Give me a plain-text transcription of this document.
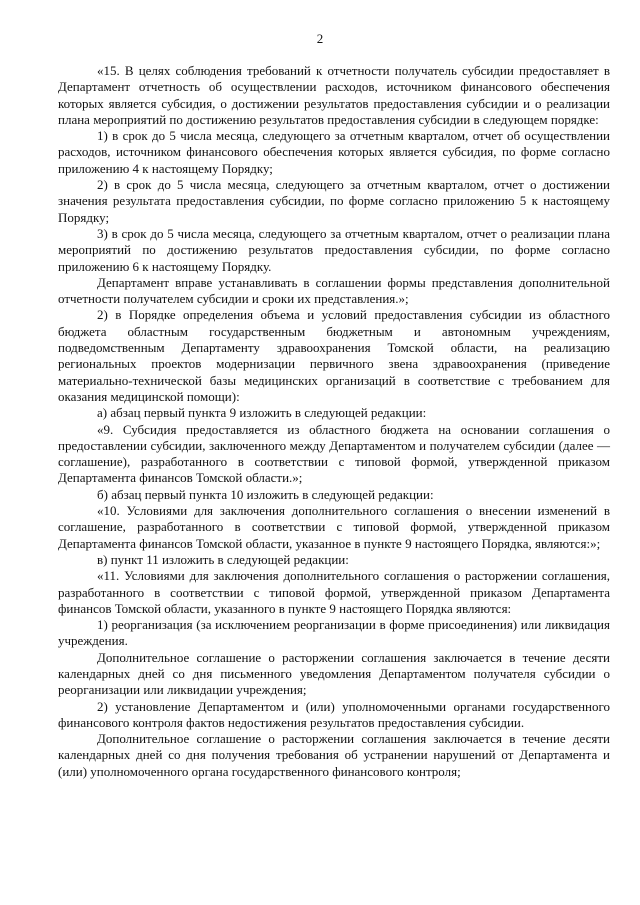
2

«15. В целях соблюдения требований к отчетности получатель субсидии предоставляет в Департамент отчетность об осуществлении расходов, источником финансового обеспечения которых является субсидия, о достижении результатов предоставления субсидии и о реализации плана мероприятий по достижению результатов предоставления субсидии в следующем порядке:

1) в срок до 5 числа месяца, следующего за отчетным кварталом, отчет об осуществлении расходов, источником финансового обеспечения которых является субсидия, по форме согласно приложению 4 к настоящему Порядку;

2) в срок до 5 числа месяца, следующего за отчетным кварталом, отчет о достижении значения результата предоставления субсидии, по форме согласно приложению 5 к настоящему Порядку;

3) в срок до 5 числа месяца, следующего за отчетным кварталом, отчет о реализации плана мероприятий по достижению результатов предоставления субсидии, по форме согласно приложению 6 к настоящему Порядку.

Департамент вправе устанавливать в соглашении формы представления дополнительной отчетности получателем субсидии и сроки их представления.»;

2) в Порядке определения объема и условий предоставления субсидии из областного бюджета областным государственным бюджетным и автономным учреждениям, подведомственным Департаменту здравоохранения Томской области, на реализацию региональных проектов модернизации первичного звена здравоохранения (приведение материально-технической базы медицинских организаций в соответствие с требованием для оказания медицинской помощи):

а) абзац первый пункта 9 изложить в следующей редакции:

«9. Субсидия предоставляется из областного бюджета на основании соглашения о предоставлении субсидии, заключенного между Департаментом и получателем субсидии (далее — соглашение), разработанного в соответствии с типовой формой, утвержденной приказом Департамента финансов Томской области.»;

б) абзац первый пункта 10 изложить в следующей редакции:

«10. Условиями для заключения дополнительного соглашения о внесении изменений в соглашение, разработанного в соответствии с типовой формой, утвержденной приказом Департамента финансов Томской области, указанное в пункте 9 настоящего Порядка, являются:»;

в) пункт 11 изложить в следующей редакции:

«11. Условиями для заключения дополнительного соглашения о расторжении соглашения, разработанного в соответствии с типовой формой, утвержденной приказом Департамента финансов Томской области, указанного в пункте 9 настоящего Порядка являются:

1) реорганизация (за исключением реорганизации в форме присоединения) или ликвидация учреждения.

Дополнительное соглашение о расторжении соглашения заключается в течение десяти календарных дней со дня письменного уведомления Департаментом получателя субсидии о реорганизации или ликвидации учреждения;

2) установление Департаментом и (или) уполномоченными органами государственного финансового контроля фактов недостижения результатов предоставления субсидии.

Дополнительное соглашение о расторжении соглашения заключается в течение десяти календарных дней со дня получения требования об устранении нарушений от Департамента и (или) уполномоченного органа государственного финансового контроля;
